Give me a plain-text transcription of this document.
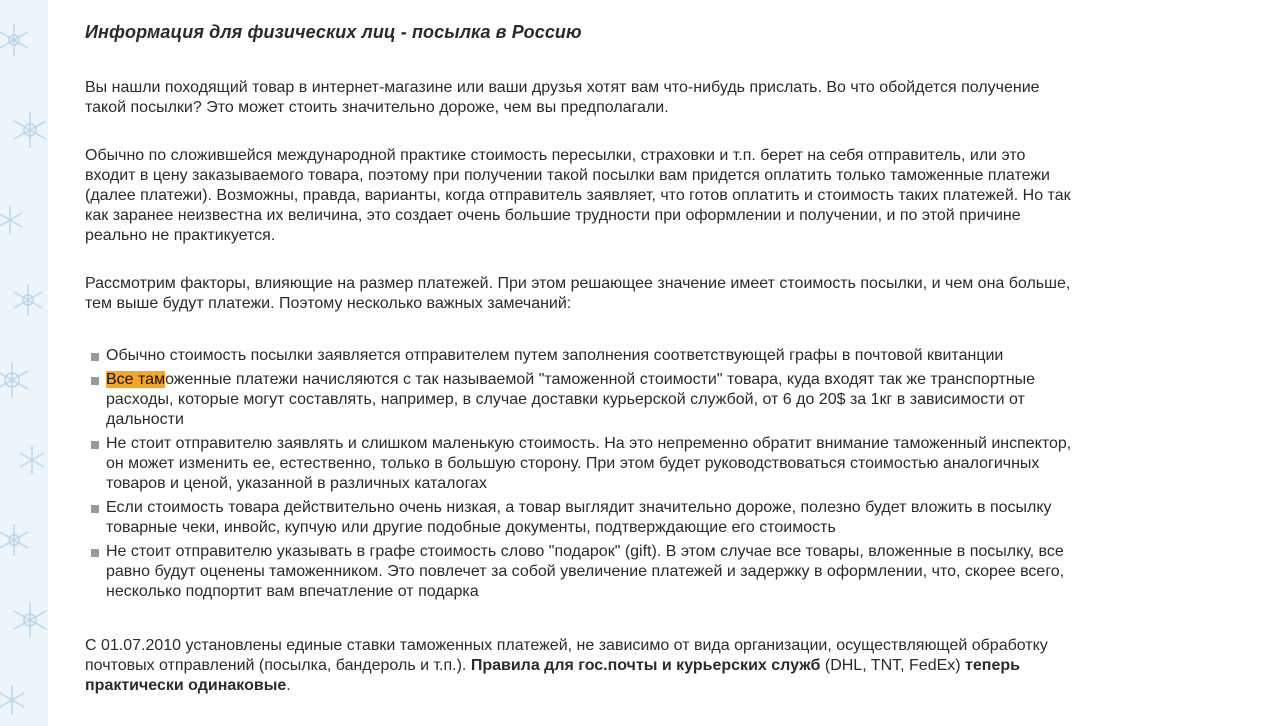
Информация для физических лиц - посылка в Россию

Вы нашли походящий товар в интернет-магазине или ваши друзья хотят вам что-нибудь прислать. Во что обойдется получение такой посылки? Это может стоить значительно дороже, чем вы предполагали.

Обычно по сложившейся международной практике стоимость пересылки, страховки и т.п. берет на себя отправитель, или это входит в цену заказываемого товара, поэтому при получении такой посылки вам придется оплатить только таможенные платежи (далее платежи). Возможны, правда, варианты, когда отправитель заявляет, что готов оплатить и стоимость таких платежей. Но так как заранее неизвестна их величина, это создает очень большие трудности при оформлении и получении, и по этой причине реально не практикуется.

Рассмотрим факторы, влияющие на размер платежей. При этом решающее значение имеет стоимость посылки, и чем она больше, тем выше будут платежи. Поэтому несколько важных замечаний:

Обычно стоимость посылки заявляется отправителем путем заполнения соответствующей графы в почтовой квитанции
Все таможенные платежи начисляются с так называемой "таможенной стоимости" товара, куда входят так же транспортные расходы, которые могут составлять, например, в случае доставки курьерской службой, от 6 до 20$ за 1кг в зависимости от дальности
Не стоит отправителю заявлять и слишком маленькую стоимость. На это непременно обратит внимание таможенный инспектор, он может изменить ее, естественно, только в большую сторону. При этом будет руководствоваться стоимостью аналогичных товаров и ценой, указанной в различных каталогах
Если стоимость товара действительно очень низкая, а товар выглядит значительно дороже, полезно будет вложить в посылку товарные чеки, инвойс, купчую или другие подобные документы, подтверждающие его стоимость
Не стоит отправителю указывать в графе стоимость слово "подарок" (gift). В этом случае все товары, вложенные в посылку, все равно будут оценены таможенником. Это повлечет за собой увеличение платежей и задержку в оформлении, что, скорее всего, несколько подпортит вам впечатление от подарка

С 01.07.2010 установлены единые ставки таможенных платежей, не зависимо от вида организации, осуществляющей обработку почтовых отправлений (посылка, бандероль и т.п.). Правила для гос.почты и курьерских служб (DHL, TNT, FedEx) теперь практически одинаковые.
